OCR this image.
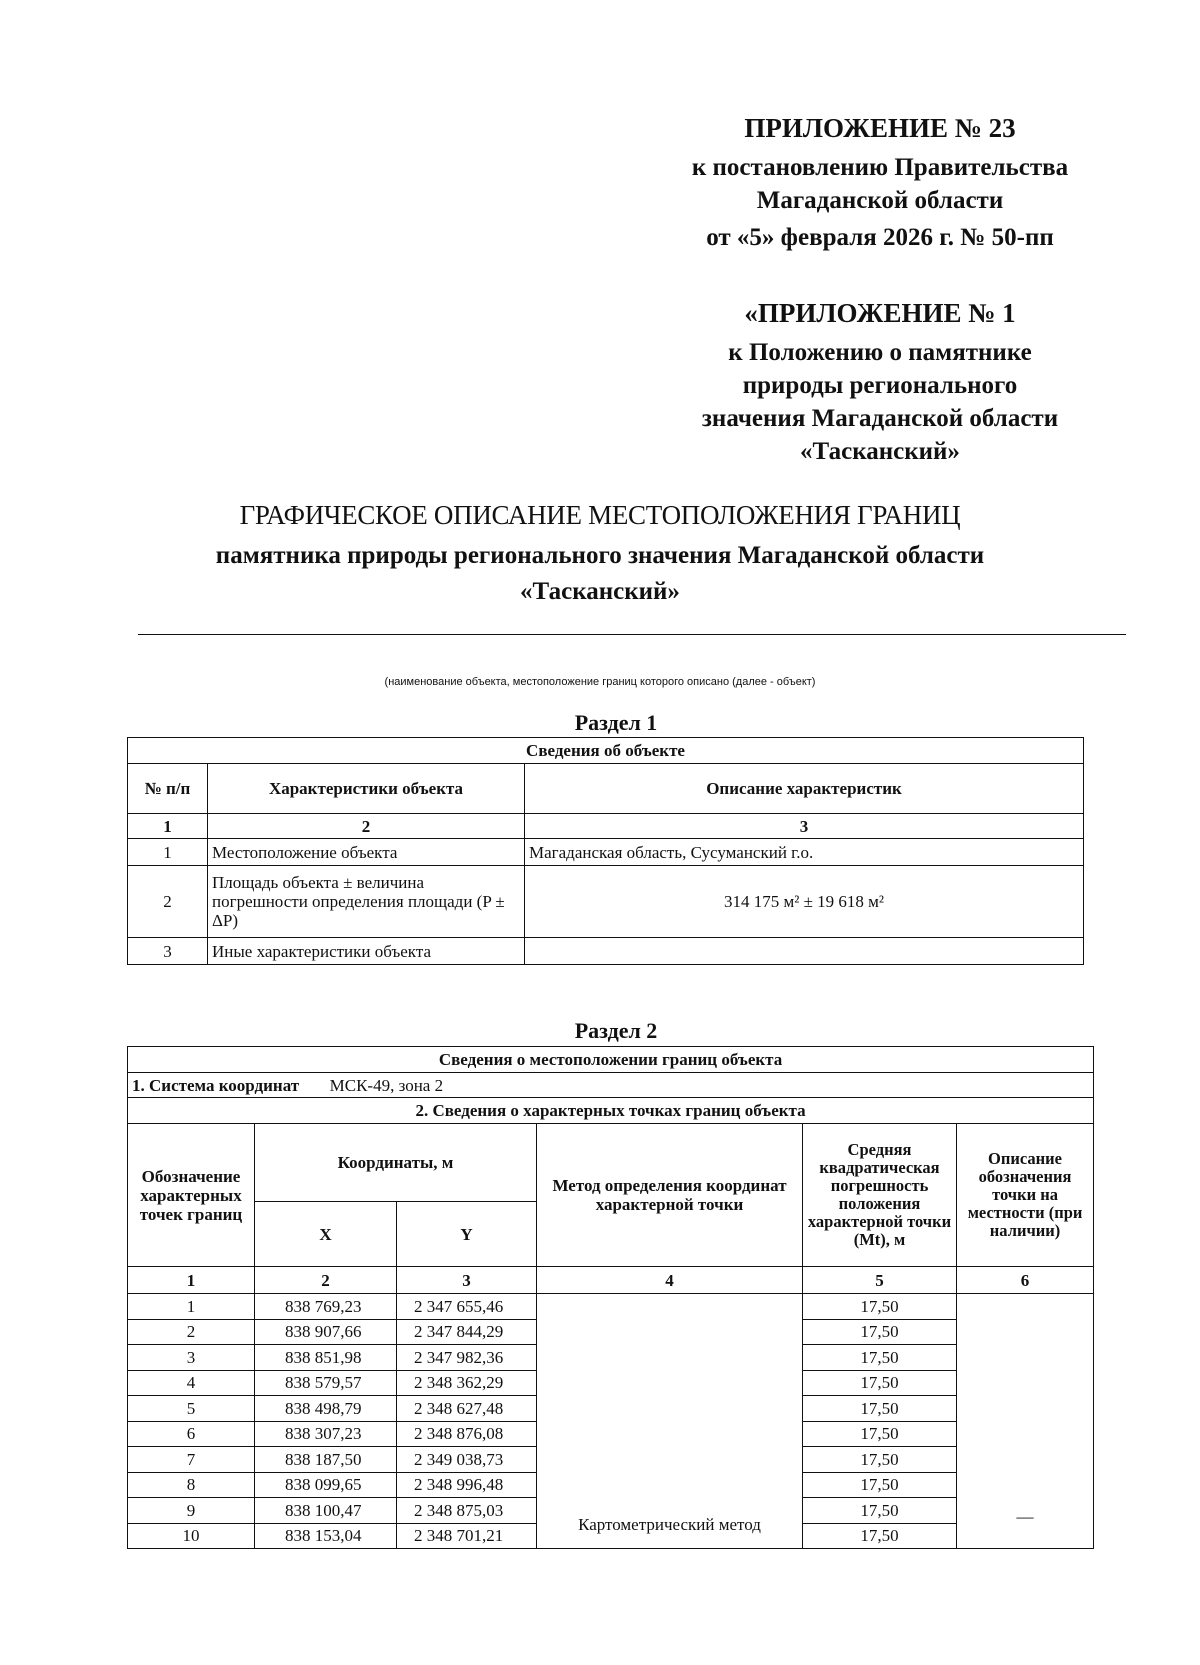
ПРИЛОЖЕНИЕ № 23
к постановлению Правительства
Магаданской области
от «5» февраля 2026 г. № 50-пп
«ПРИЛОЖЕНИЕ № 1
к Положению о памятнике
природы регионального
значения Магаданской области
«Тасканский»
ГРАФИЧЕСКОЕ ОПИСАНИЕ МЕСТОПОЛОЖЕНИЯ ГРАНИЦ
памятника природы регионального значения Магаданской области
«Тасканский»
(наименование объекта, местоположение границ которого описано (далее - объект)
Раздел 1
Сведения об объекте		
№ п/п	Характеристики объекта	Описание характеристик
1	2	3
1	Местоположение объекта	Магаданская область, Сусуманский г.о.
2	Площадь объекта ± величина погрешности определения площади (P ± ΔP)	314 175 м² ± 19 618 м²
3	Иные характеристики объекта	
Раздел 2
Сведения о местоположении границ объекта					
1. Система координат МСК-49, зона 2					
2. Сведения о характерных точках границ объекта					
Обозначение характерных точек границ	Координаты, м		Метод определения координат характерной точки	Средняя квадратическая погрешность положения характерной точки (Mt), м	Описание обозначения точки на местности (при наличии)
	X	Y			
1	2	3	4	5	6
1	838 769,23	2 347 655,46	Картометрический метод	17,50	—
2	838 907,66	2 347 844,29		17,50	
3	838 851,98	2 347 982,36		17,50	
4	838 579,57	2 348 362,29		17,50	
5	838 498,79	2 348 627,48		17,50	
6	838 307,23	2 348 876,08		17,50	
7	838 187,50	2 349 038,73		17,50	
8	838 099,65	2 348 996,48		17,50	
9	838 100,47	2 348 875,03		17,50	
10	838 153,04	2 348 701,21		17,50	
